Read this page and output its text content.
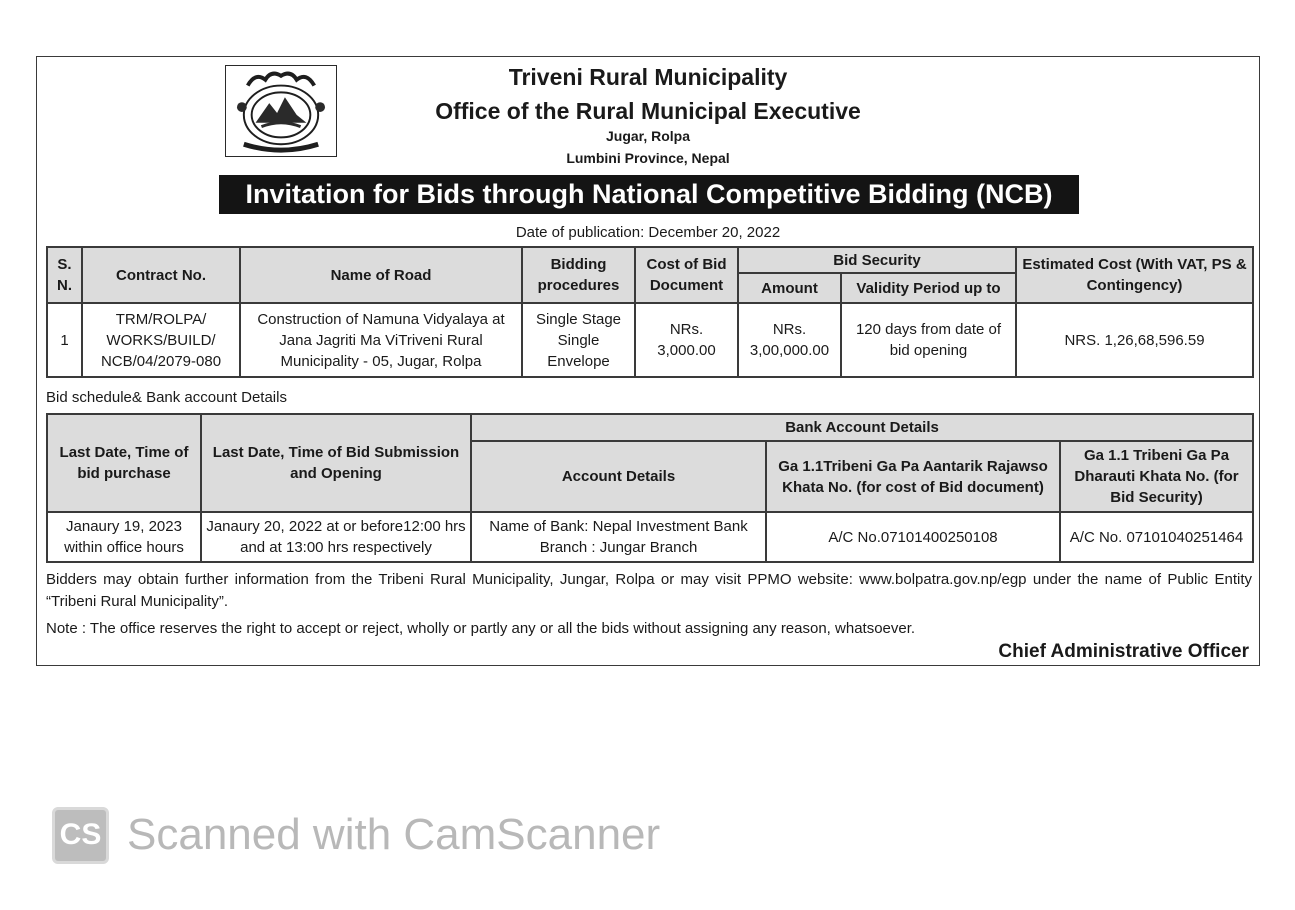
Triveni Rural Municipality
Office of the Rural Municipal Executive
Jugar, Rolpa
Lumbini Province, Nepal
Invitation for Bids through National Competitive Bidding (NCB)
Date of publication: December 20, 2022
S. N.	Contract No.	Name of Road	Bidding procedures	Cost of Bid Document	Bid Security		Estimated Cost (With VAT, PS & Contingency)
					Amount	Validity Period up to	
1	TRM/ROLPA/ WORKS/BUILD/ NCB/04/2079-080	Construction of Namuna Vidyalaya at Jana Jagriti Ma ViTriveni Rural Municipality - 05, Jugar, Rolpa	Single Stage Single Envelope	NRs. 3,000.00	NRs. 3,00,000.00	120 days from date of bid opening	NRS. 1,26,68,596.59
Bid schedule& Bank account Details
Last Date, Time of bid purchase	Last Date, Time of Bid Submission and Opening	Bank Account Details		
		Account Details	Ga 1.1Tribeni Ga Pa Aantarik Rajawso Khata No. (for cost of Bid document)	Ga 1.1 Tribeni Ga Pa Dharauti Khata No. (for Bid Security)
Janaury 19, 2023 within office hours	Janaury 20, 2022 at or before12:00 hrs and at 13:00 hrs respectively	Name of Bank: Nepal Investment Bank Branch : Jungar Branch	A/C No.07101400250108	A/C No. 07101040251464
Bidders may obtain further information from the Tribeni Rural Municipality, Jungar, Rolpa or may visit PPMO website: www.bolpatra.gov.np/egp under the name of Public Entity “Tribeni Rural Municipality”.
Note : The office reserves the right to accept or reject, wholly or partly any or all the bids without assigning any reason, whatsoever.
Chief Administrative Officer
CS Scanned with CamScanner
